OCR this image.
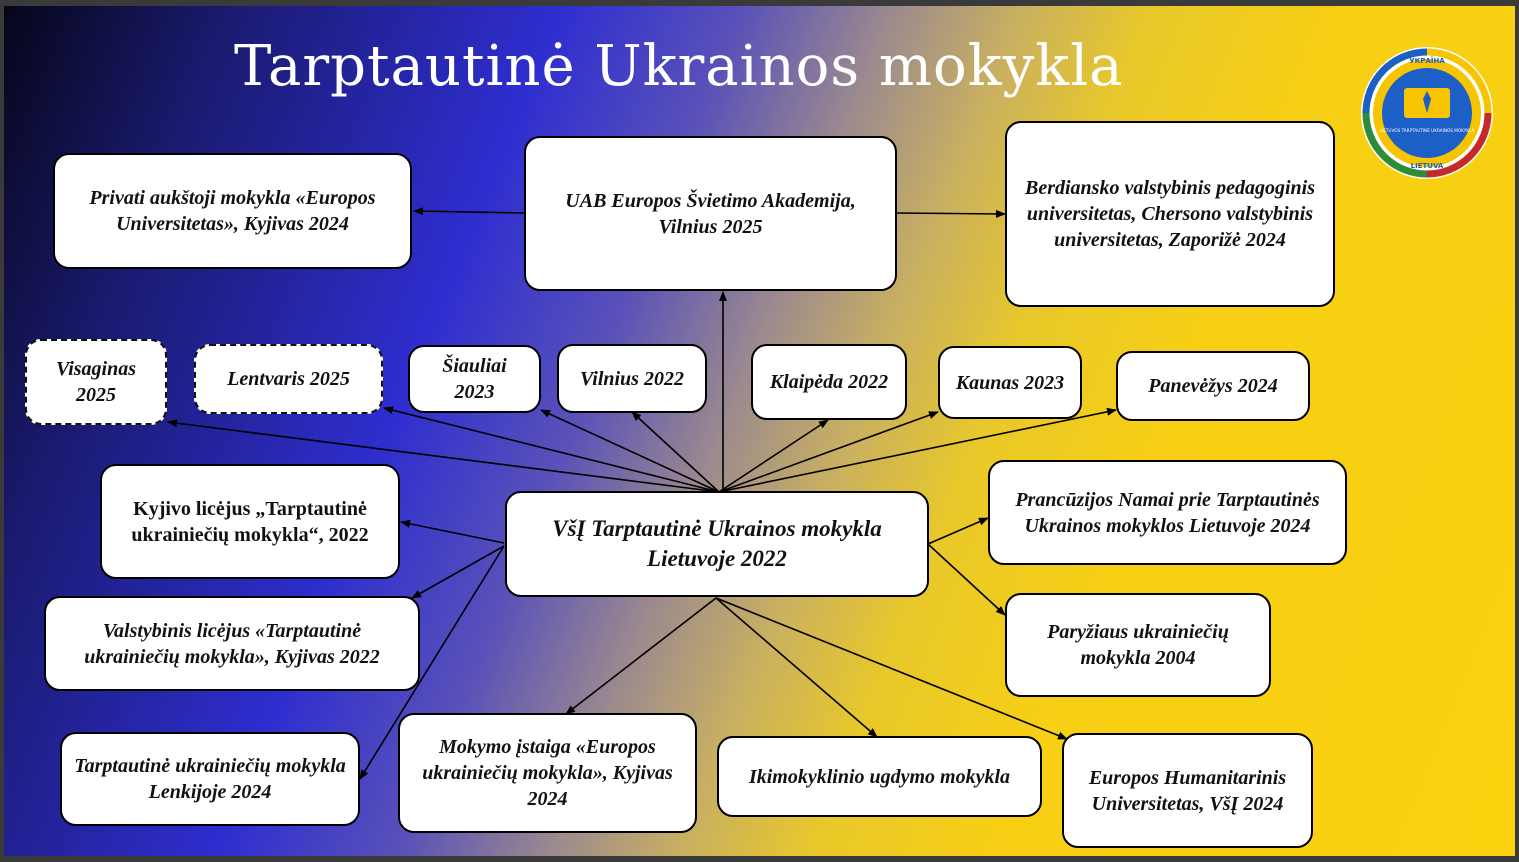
Tarptautinė Ukrainos mokykla	УКРАЇНА
LIETUVA
LIETUVOS TARPTAUTINĖ UKRAINOS MOKYKLA
Privati aukštoji mokykla «Europos Universitetas», Kyjivas 2024
UAB Europos Švietimo Akademija, Vilnius 2025
Berdiansko valstybinis pedagoginis universitetas, Chersono valstybinis universitetas, Zaporižė 2024
Visaginas 2025
Lentvaris 2025
Šiauliai 2023
Vilnius 2022	Klaipėda 2022	Kaunas 2023	Panevėžys 2024
VšĮ Tarptautinė Ukrainos mokykla Lietuvoje 2022
Kyjivo licėjus „Tarptautinė ukrainiečių mokykla“, 2022
Valstybinis licėjus «Tarptautinė ukrainiečių mokykla», Kyjivas 2022
Tarptautinė ukrainiečių mokykla Lenkijoje 2024
Mokymo įstaiga «Europos ukrainiečių mokykla», Kyjivas 2024
Ikimokyklinio ugdymo mokykla	Europos Humanitarinis Universitetas, VšĮ 2024
Prancūzijos Namai prie Tarptautinės Ukrainos mokyklos Lietuvoje 2024
Paryžiaus ukrainiečių mokykla 2004
